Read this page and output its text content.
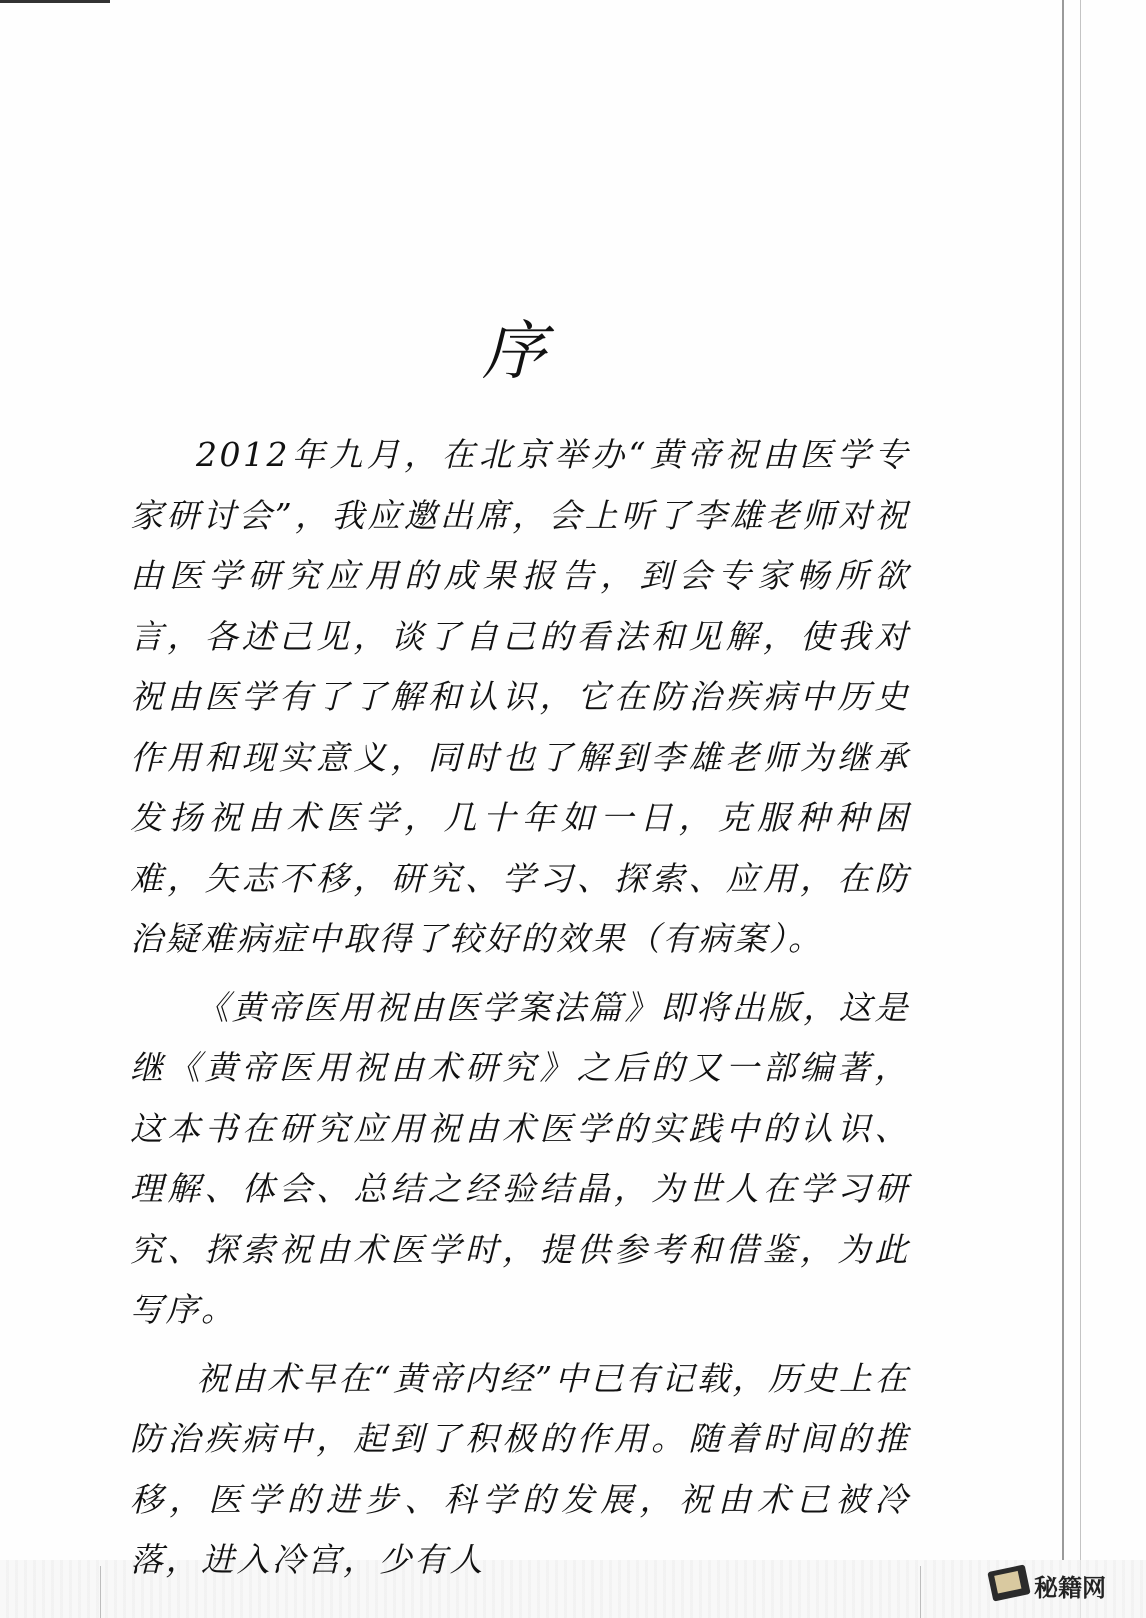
序

2012年九月，在北京举办“黄帝祝由医学专家研讨会”，我应邀出席，会上听了李雄老师对祝由医学研究应用的成果报告，到会专家畅所欲言，各述己见，谈了自己的看法和见解，使我对祝由医学有了了解和认识，它在防治疾病中历史作用和现实意义，同时也了解到李雄老师为继承发扬祝由术医学，几十年如一日，克服种种困难，矢志不移，研究、学习、探索、应用，在防治疑难病症中取得了较好的效果（有病案）。

《黄帝医用祝由医学案法篇》即将出版，这是继《黄帝医用祝由术研究》之后的又一部编著，这本书在研究应用祝由术医学的实践中的认识、理解、体会、总结之经验结晶，为世人在学习研究、探索祝由术医学时，提供参考和借鉴，为此写序。

祝由术早在“黄帝内经”中已有记载，历史上在防治疾病中，起到了积极的作用。随着时间的推移，医学的进步、科学的发展，祝由术已被冷落，进入冷宫，少有人

秘籍网
